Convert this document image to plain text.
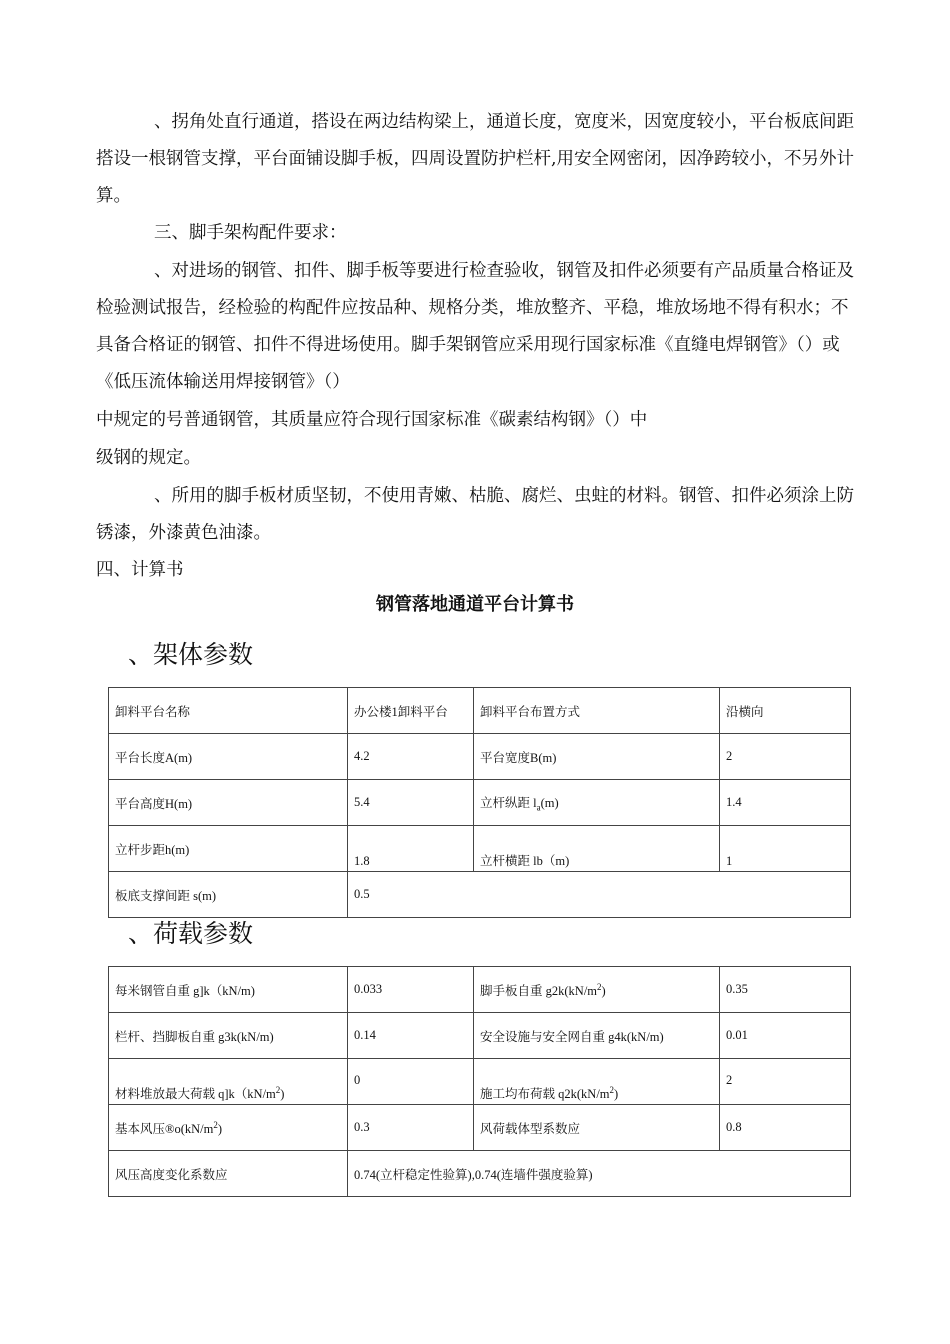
、拐角处直行通道，搭设在两边结构梁上，通道长度，宽度米，因宽度较小，平台板底间距搭设一根钢管支撑，平台面铺设脚手板，四周设置防护栏杆,用安全网密闭，因净跨较小，不另外计算。

三、脚手架构配件要求：

、对进场的钢管、扣件、脚手板等要进行检查验收，钢管及扣件必须要有产品质量合格证及检验测试报告，经检验的构配件应按品种、规格分类，堆放整齐、平稳，堆放场地不得有积水；不具备合格证的钢管、扣件不得进场使用。脚手架钢管应采用现行国家标准《直缝电焊钢管》（）或《低压流体输送用焊接钢管》（）

中规定的号普通钢管，其质量应符合现行国家标准《碳素结构钢》（）中

级钢的规定。

、所用的脚手板材质坚韧，不使用青嫩、枯脆、腐烂、虫蛀的材料。钢管、扣件必须涂上防锈漆，外漆黄色油漆。

四、计算书

钢管落地通道平台计算书
、架体参数
卸料平台名称	办公楼1卸料平台	卸料平台布置方式	沿横向
平台长度A(m)	4.2	平台宽度B(m)	2
平台高度H(m)	5.4	立杆纵距 $l_a(m)$	1.4
立杆步距h(m)	1.8	立杆横距 lb（m)	1
板底支撑间距 s(m)	0.5		
、荷载参数
每米钢管自重 g]k（kN/m)	0.033	脚手板自重 $g2k(kN/m^2)$	0.35
栏杆、挡脚板自重 g3k(kN/m)	0.14	安全设施与安全网自重 g4k(kN/m)	0.01
材料堆放最大荷载 $q]k(kN/m^2)$	0	施工均布荷载 $q2k(kN/m^2)$	2
基本风压$®o(kN/m^2)$	0.3	风荷载体型系数应	0.8
风压高度变化系数应	0.74(立杆稳定性验算),0.74(连墙件强度验算)		
